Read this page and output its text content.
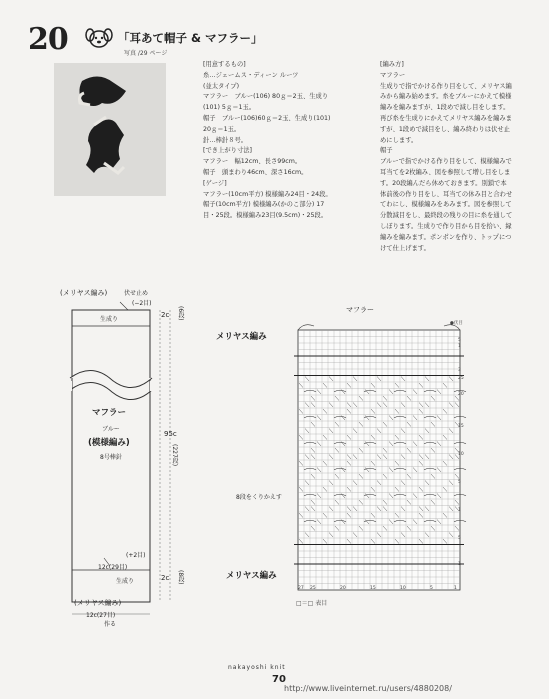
20	「耳あて帽子 & マフラー」
写真 /29 ページ
[用意するもの]
糸…ジェームス・ディーン ルーツ
(並太タイプ)
マフラー　ブルー(106) 80ｇ＝2玉、生成り
(101) 5ｇ＝1玉。
帽子　ブルー(106)60ｇ＝2玉、生成り(101)
20ｇ＝1玉。
針…棒針８号。
[でき上がり寸法]
マフラー　幅12cm、長さ99cm。
帽子　頭まわり46cm、深さ16cm。
[ゲージ]
マフラー(10cm平方) 模様編み24目・24段。
帽子(10cm平方) 模様編み(かのこ部分) 17
目・25段。模様編み23目(9.5cm)・25段。
[編み方]
マフラー
生成りで指でかける作り目をして、メリヤス編
みから編み始めます。糸をブルーにかえて模様
編みを編みますが、1段めで減し目をします。
再び糸を生成りにかえてメリヤス編みを編みま
すが、1段めで減目をし、編み終わりは伏せ止
めにします。
帽子
ブルーで指でかける作り目をして、模様編みで
耳当てを2枚編み、図を参照して増し目をしま
す。20段編んだら休めておきます。別鎖で本
体前後の作り目をし、耳当ての休み目と合わせ
てわにし、模様編みをあみます。図を参照して
分散減目をし、最終段の残りの目に糸を通して
しぼります。生成りで作り目から目を拾い、縁
編みを編みます。ポンポンを作り、トップにつ
けて仕上げます。
(メリヤス編み)	伏せ止め
(−2目)
生成り
2c (6段)
マフラー
ブルー
(模様編み)
8号棒針
95c
(227段)
(+2目)
12c(29目)
生成り	2c (8段)
(メリヤス編み)
12c(27目)
作る
マフラー
メリヤス編み
8段をくりかえす
メリヤス編み
□＝□ 表目
●伏目
5
1
3
25
20
15
10
5
1
5
1
27 25	20	15	10	5	1
nakayoshi knit
70
http://www.liveinternet.ru/users/4880208/
